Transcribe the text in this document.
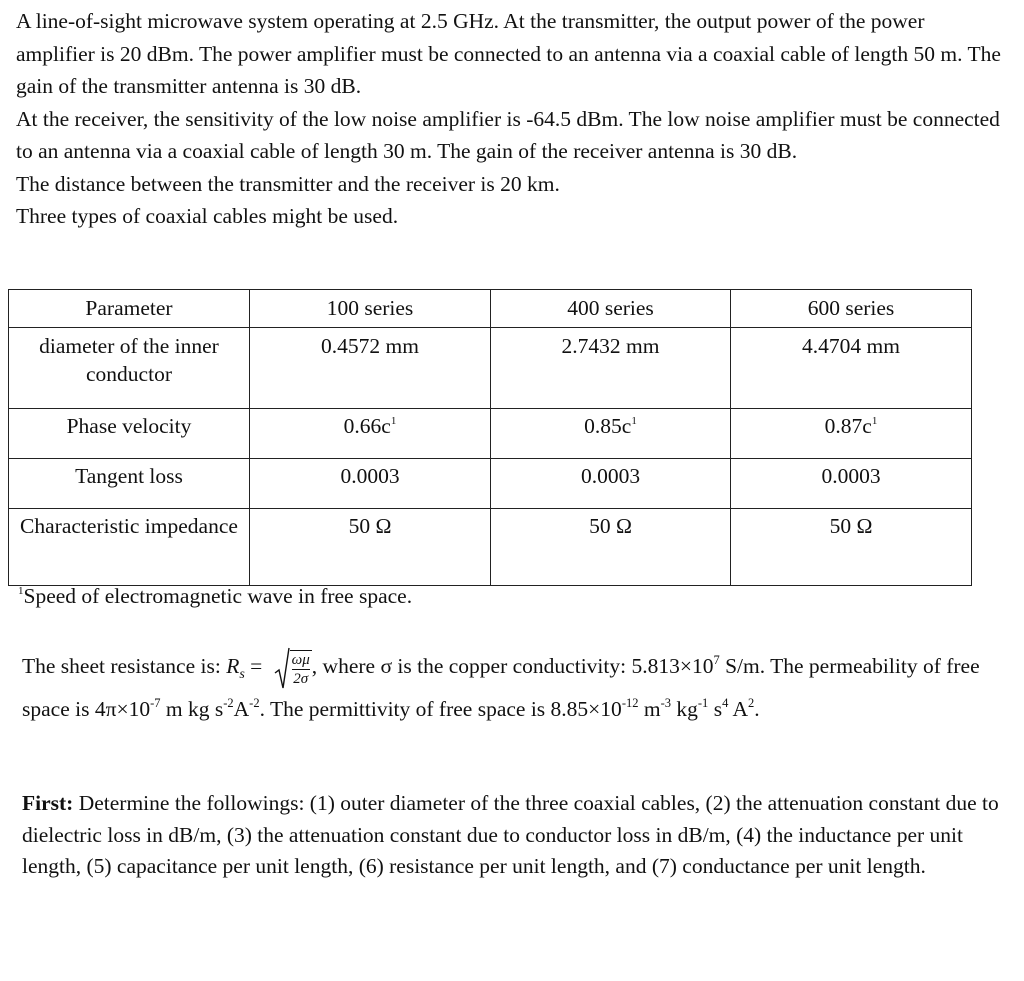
A line-of-sight microwave system operating at 2.5 GHz. At the transmitter, the output power of the power amplifier is 20 dBm. The power amplifier must be connected to an antenna via a coaxial cable of length 50 m. The gain of the transmitter antenna is 30 dB.

At the receiver, the sensitivity of the low noise amplifier is -64.5 dBm. The low noise amplifier must be connected to an antenna via a coaxial cable of length 30 m. The gain of the receiver antenna is 30 dB.

The distance between the transmitter and the receiver is 20 km.

Three types of coaxial cables might be used.

Parameter	100 series	400 series	600 series
diameter of the inner conductor	0.4572 mm	2.7432 mm	4.4704 mm
Phase velocity	$0.66c^1$	$0.85c^1$	$0.87c^1$
Tangent loss	0.0003	0.0003	0.0003
Characteristic impedance	50 Ω	50 Ω	50 Ω
$^1$Speed of electromagnetic wave in free space.

The sheet resistance is: $R_s = \frac{\omega\mu}{2\sigma}$ , where σ is the copper conductivity: $5.813\times 10^7$ S/m. The permeability of free space is $4\pi\times 10^{-7}$ m kg $s^{-2}A^{-2}$. The permittivity of free space is $8.85\times 10^{-12}$ $m^{-3}$ $kg^{-1}$ $s^4$ $A^2$.

First: Determine the followings: (1) outer diameter of the three coaxial cables, (2) the attenuation constant due to dielectric loss in dB/m, (3) the attenuation constant due to conductor loss in dB/m, (4) the inductance per unit length, (5) capacitance per unit length, (6) resistance per unit length, and (7) conductance per unit length.
